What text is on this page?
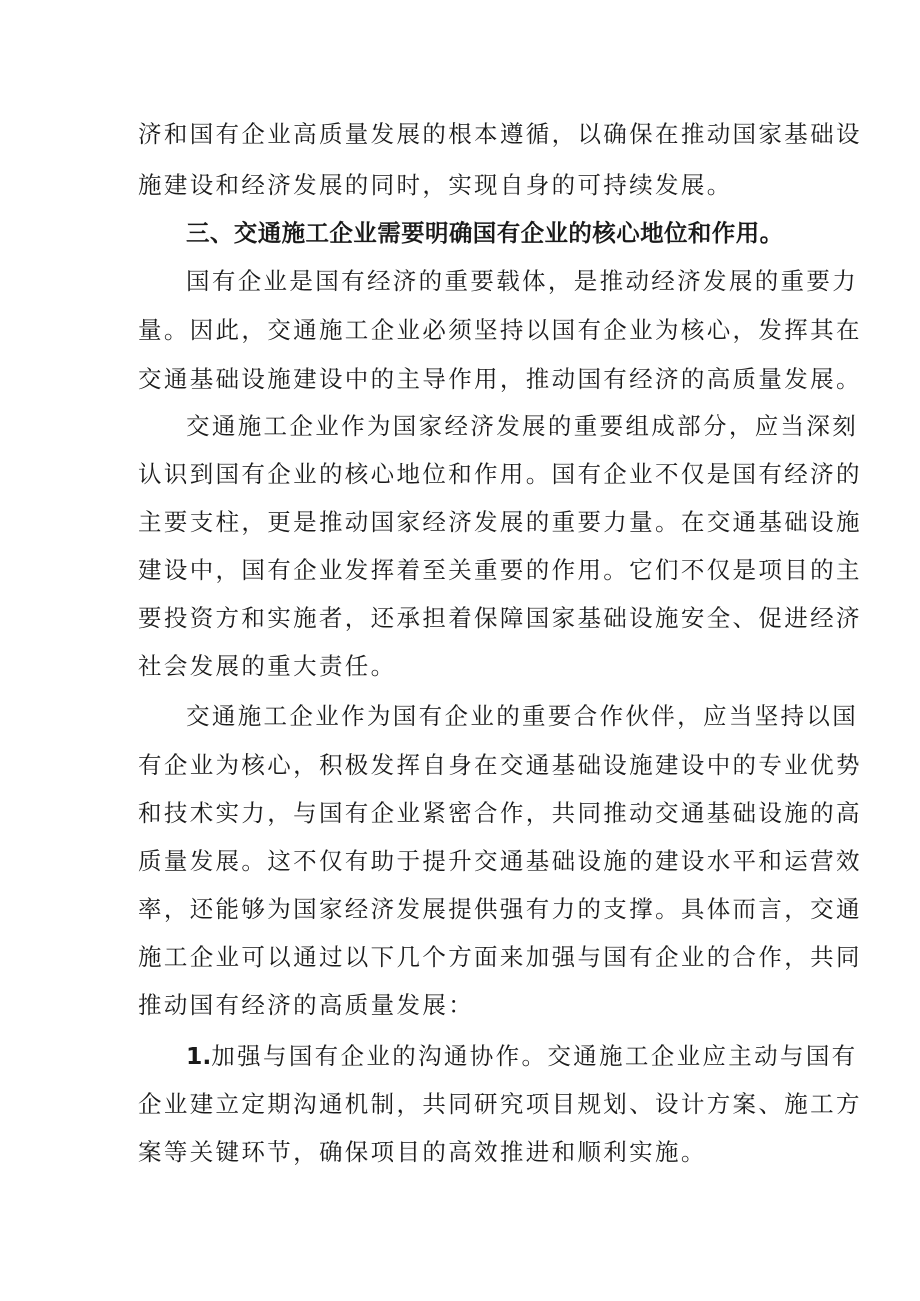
济和国有企业高质量发展的根本遵循，以确保在推动国家基础设
施建设和经济发展的同时，实现自身的可持续发展。
三、交通施工企业需要明确国有企业的核心地位和作用。
国有企业是国有经济的重要载体，是推动经济发展的重要力
量。因此，交通施工企业必须坚持以国有企业为核心，发挥其在
交通基础设施建设中的主导作用，推动国有经济的高质量发展。
交通施工企业作为国家经济发展的重要组成部分，应当深刻
认识到国有企业的核心地位和作用。国有企业不仅是国有经济的
主要支柱，更是推动国家经济发展的重要力量。在交通基础设施
建设中，国有企业发挥着至关重要的作用。它们不仅是项目的主
要投资方和实施者，还承担着保障国家基础设施安全、促进经济
社会发展的重大责任。
交通施工企业作为国有企业的重要合作伙伴，应当坚持以国
有企业为核心，积极发挥自身在交通基础设施建设中的专业优势
和技术实力，与国有企业紧密合作，共同推动交通基础设施的高
质量发展。这不仅有助于提升交通基础设施的建设水平和运营效
率，还能够为国家经济发展提供强有力的支撑。具体而言，交通
施工企业可以通过以下几个方面来加强与国有企业的合作，共同
推动国有经济的高质量发展：
1.加强与国有企业的沟通协作。交通施工企业应主动与国有
企业建立定期沟通机制，共同研究项目规划、设计方案、施工方
案等关键环节，确保项目的高效推进和顺利实施。
